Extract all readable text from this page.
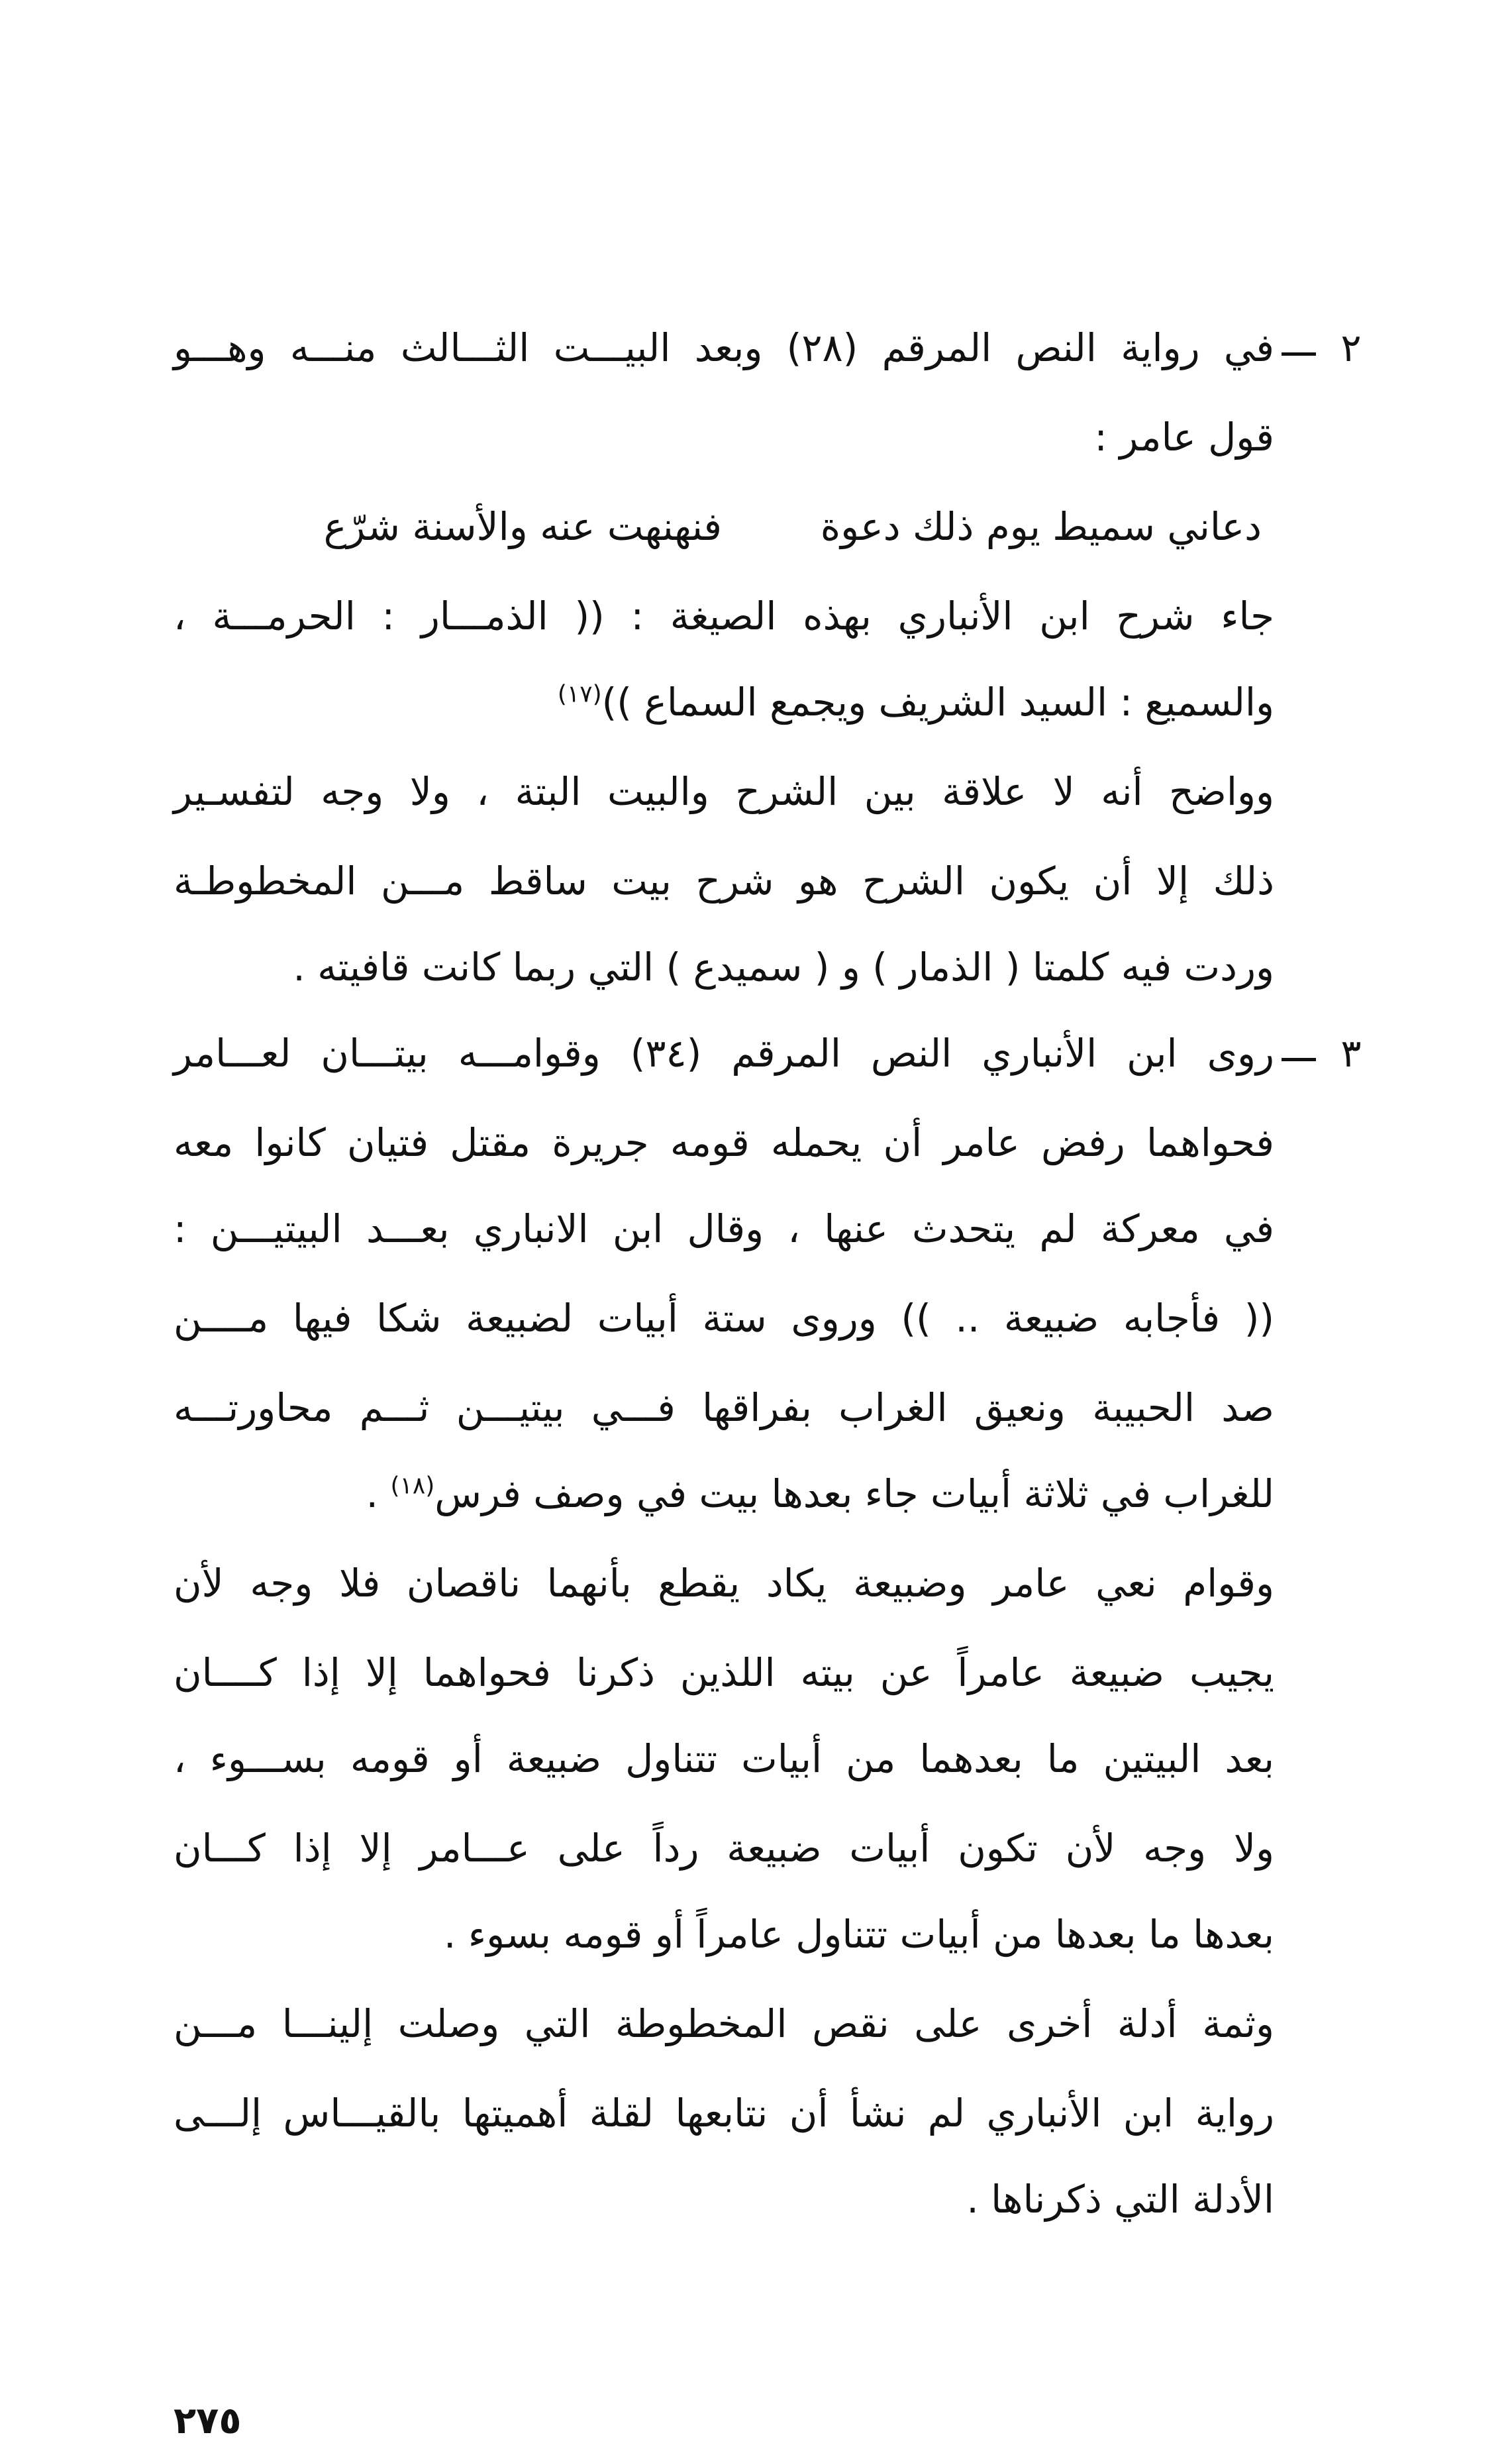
٢
في رواية النص المرقم (٢٨) وبعد البيـــت الثـــالث منـــه وهـــو
قول عامر :
دعاني سميط يوم ذلك دعوة
فنهنهت عنه والأسنة شرّع
جاء شرح ابن الأنباري بهذه الصيغة : (( الذمـــار : الحرمـــة ،
والسميع : السيد الشريف ويجمع السماع ))$^{(١٧)}$
وواضح أنه لا علاقة بين الشرح والبيت البتة ، ولا وجه لتفسـير
ذلك إلا أن يكون الشرح هو شرح بيت ساقط مـــن المخطوطـة
وردت فيه كلمتا ( الذمار ) و ( سميدع ) التي ربما كانت قافيته .
٣
روى ابن الأنباري النص المرقم (٣٤) وقوامـــه بيتـــان لعـــامر
فحواهما رفض عامر أن يحمله قومه جريرة مقتل فتيان كانوا معه
في معركة لم يتحدث عنها ، وقال ابن الانباري بعـــد البيتيـــن :
(( فأجابه ضبيعة .. )) وروى ستة أبيات لضبيعة شكا فيها مــــن
صد الحبيبة ونعيق الغراب بفراقها فـــي بيتيـــن ثـــم محاورتـــه
للغراب في ثلاثة أبيات جاء بعدها بيت في وصف فرس$^{(١٨)}$ .
وقوام نعي عامر وضبيعة يكاد يقطع بأنهما ناقصان فلا وجه لأن
يجيب ضبيعة عامراً عن بيته اللذين ذكرنا فحواهما إلا إذا كــــان
بعد البيتين ما بعدهما من أبيات تتناول ضبيعة أو قومه بســـوء ،
ولا وجه لأن تكون أبيات ضبيعة رداً على عـــامر إلا إذا كـــان
بعدها ما بعدها من أبيات تتناول عامراً أو قومه بسوء .
وثمة أدلة أخرى على نقص المخطوطة التي وصلت إلينـــا مـــن
رواية ابن الأنباري لم نشأ أن نتابعها لقلة أهميتها بالقيـــاس إلـــى
الأدلة التي ذكرناها .
٢٧٥
